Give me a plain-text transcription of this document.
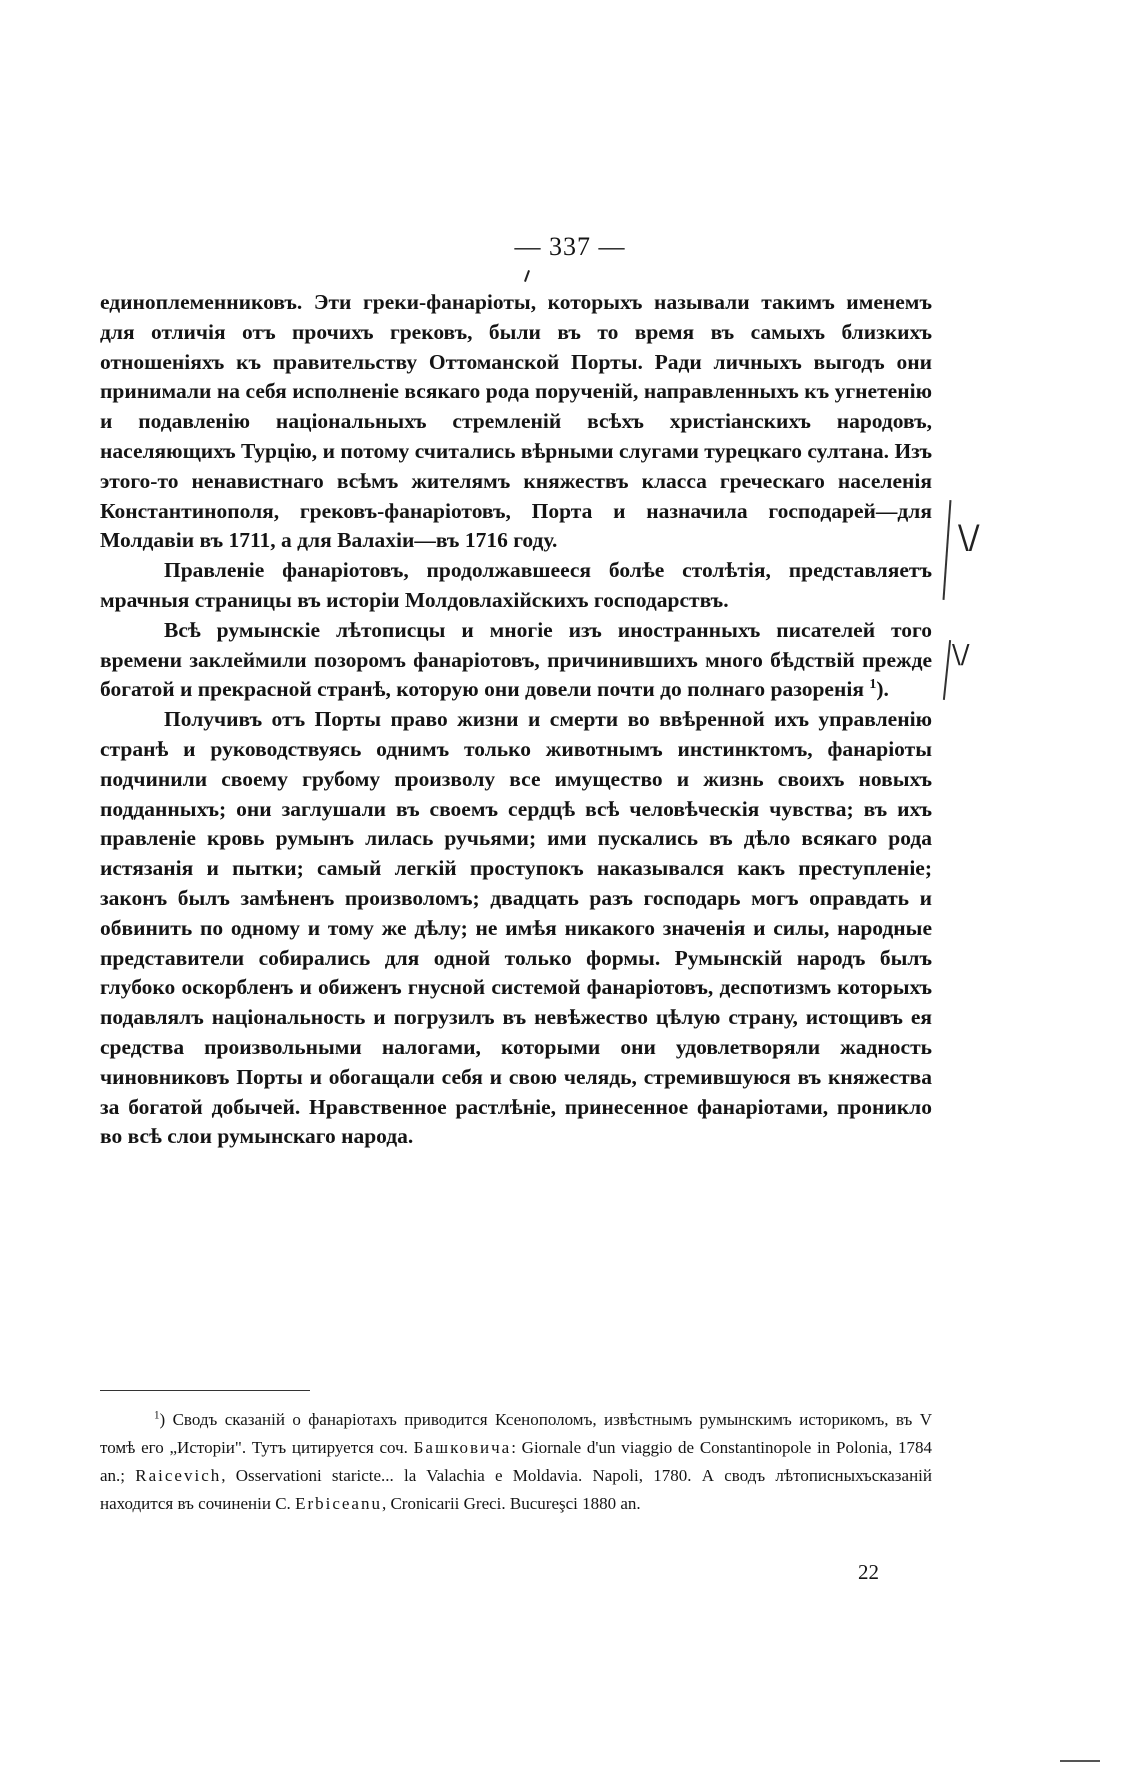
— 337 —

единоплеменниковъ. Эти греки-фанаріоты, которыхъ называли такимъ именемъ для отличія отъ прочихъ грековъ, были въ то время въ самыхъ близкихъ отношеніяхъ къ правительству Оттоманской Порты. Ради личныхъ выгодъ они принимали на себя исполненіе всякаго рода порученій, направленныхъ къ угнетенію и подавленію національныхъ стремленій всѣхъ христіанскихъ народовъ, населяющихъ Турцію, и потому считались вѣрными слугами турецкаго султана. Изъ этого-то ненавистнаго всѣмъ жителямъ княжествъ класса греческаго населенія Константинополя, грековъ-фанаріотовъ, Порта и назначила господарей—для Молдавіи въ 1711, а для Валахіи—въ 1716 году.

Правленіе фанаріотовъ, продолжавшееся болѣе столѣтія, представляетъ мрачныя страницы въ исторіи Молдовлахійскихъ господарствъ.

Всѣ румынскіе лѣтописцы и многіе изъ иностранныхъ писателей того времени заклеймили позоромъ фанаріотовъ, причинившихъ много бѣдствій прежде богатой и прекрасной странѣ, которую они довели почти до полнаго разоренія $^1$).

Получивъ отъ Порты право жизни и смерти во ввѣренной ихъ управленію странѣ и руководствуясь однимъ только животнымъ инстинктомъ, фанаріоты подчинили своему грубому произволу все имущество и жизнь своихъ новыхъ подданныхъ; они заглушали въ своемъ сердцѣ всѣ человѣческія чувства; въ ихъ правленіе кровь румынъ лилась ручьями; ими пускались въ дѣло всякаго рода истязанія и пытки; самый легкій проступокъ наказывался какъ преступленіе; законъ былъ замѣненъ произволомъ; двадцать разъ господарь могъ оправдать и обвинить по одному и тому же дѣлу; не имѣя никакого значенія и силы, народные представители собирались для одной только формы. Румынскій народъ былъ глубоко оскорбленъ и обиженъ гнусной системой фанаріотовъ, деспотизмъ которыхъ подавлялъ національность и погрузилъ въ невѣжество цѣлую страну, истощивъ ея средства произвольными налогами, которыми они удовлетворяли жадность чиновниковъ Порты и обогащали себя и свою челядь, стремившуюся въ княжества за богатой добычей. Нравственное растлѣніе, принесенное фанаріотами, проникло во всѣ слои румынскаго народа.

$^1$) Сводъ сказаній о фанаріотахъ приводится Ксенополомъ, извѣстнымъ румынскимъ историкомъ, въ V томѣ его „Исторіи". Тутъ цитируется соч. Башковича: Giornale d'un viaggio de Constantinopole in Polonia, 1784 an.; Raicevich, Osservationi staricte... la Valachia e Moldavia. Napoli, 1780. А сводъ лѣтописныхъсказаній находится въ сочиненіи С. Erbiceanu, Cronicarii Greci. Bucureşci 1880 an.
22
\/
\/
